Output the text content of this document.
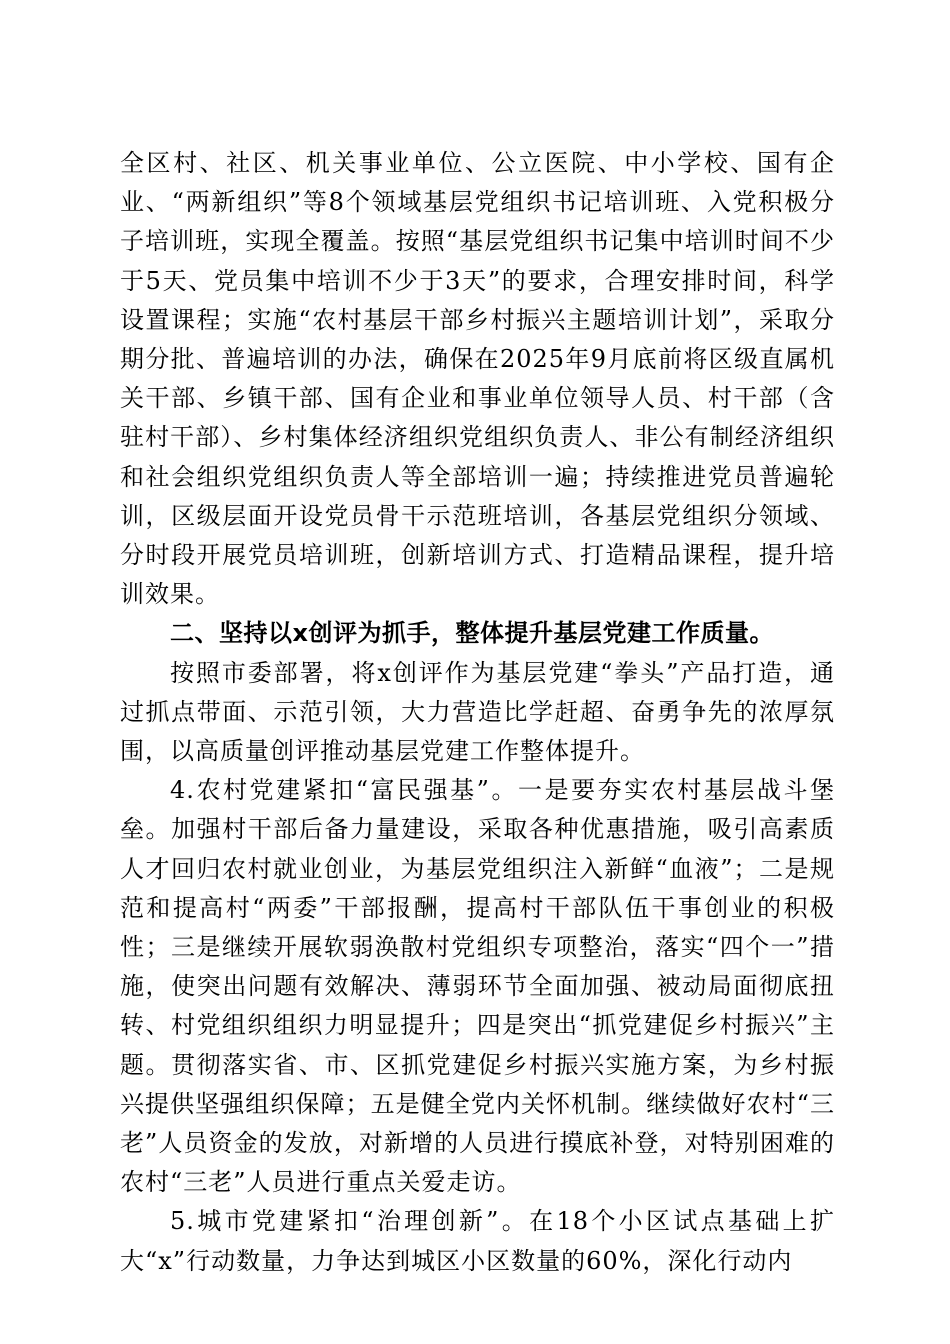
全区村、社区、机关事业单位、公立医院、中小学校、国有企业、“两新组织”等8个领域基层党组织书记培训班、入党积极分子培训班，实现全覆盖。按照“基层党组织书记集中培训时间不少于5天、党员集中培训不少于3天”的要求，合理安排时间，科学设置课程；实施“农村基层干部乡村振兴主题培训计划”，采取分期分批、普遍培训的办法，确保在2025年9月底前将区级直属机关干部、乡镇干部、国有企业和事业单位领导人员、村干部（含驻村干部）、乡村集体经济组织党组织负责人、非公有制经济组织和社会组织党组织负责人等全部培训一遍；持续推进党员普遍轮训，区级层面开设党员骨干示范班培训，各基层党组织分领域、分时段开展党员培训班，创新培训方式、打造精品课程，提升培训效果。

二、坚持以x创评为抓手，整体提升基层党建工作质量。

按照市委部署，将x创评作为基层党建“拳头”产品打造，通过抓点带面、示范引领，大力营造比学赶超、奋勇争先的浓厚氛围，以高质量创评推动基层党建工作整体提升。

4.农村党建紧扣“富民强基”。一是要夯实农村基层战斗堡垒。加强村干部后备力量建设，采取各种优惠措施，吸引高素质人才回归农村就业创业，为基层党组织注入新鲜“血液”；二是规范和提高村“两委”干部报酬，提高村干部队伍干事创业的积极性；三是继续开展软弱涣散村党组织专项整治，落实“四个一”措施，使突出问题有效解决、薄弱环节全面加强、被动局面彻底扭转、村党组织组织力明显提升；四是突出“抓党建促乡村振兴”主题。贯彻落实省、市、区抓党建促乡村振兴实施方案，为乡村振兴提供坚强组织保障；五是健全党内关怀机制。继续做好农村“三老”人员资金的发放，对新增的人员进行摸底补登，对特别困难的农村“三老”人员进行重点关爱走访。

5.城市党建紧扣“治理创新”。在18个小区试点基础上扩大“x”行动数量，力争达到城区小区数量的60%，深化行动内
